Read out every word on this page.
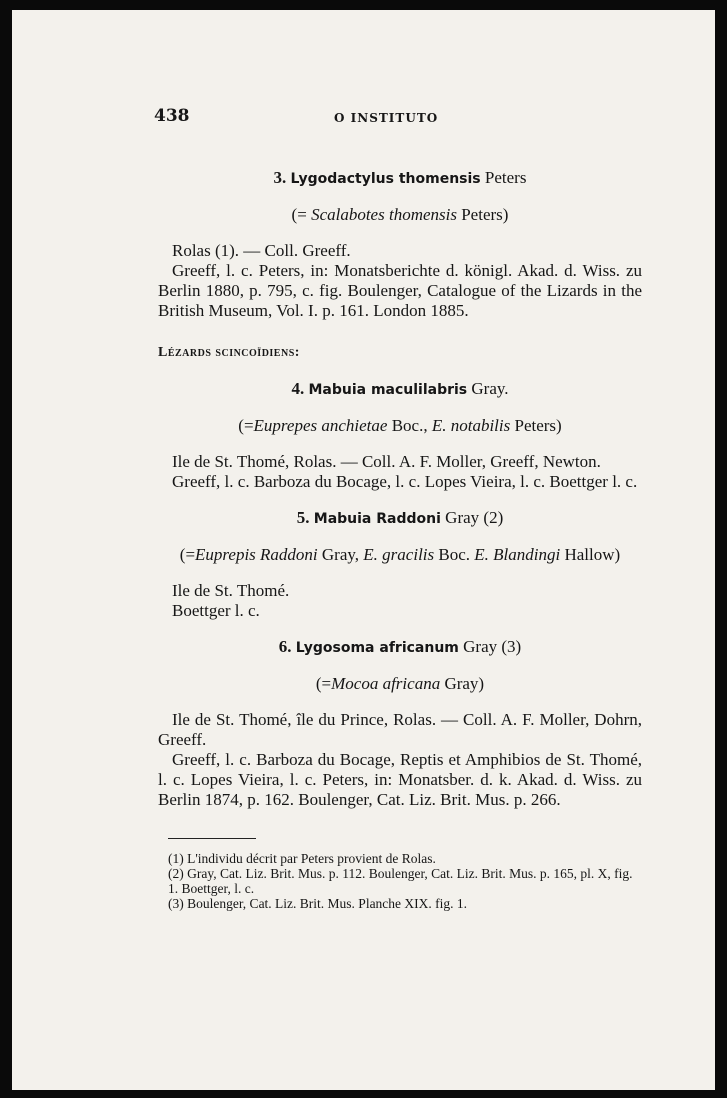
438	O INSTITUTO

3. Lygodactylus thomensis Peters

(= Scalabotes thomensis Peters)

Rolas (1). — Coll. Greeff.

Greeff, l. c. Peters, in: Monatsberichte d. königl. Akad. d. Wiss. zu Berlin 1880, p. 795, c. fig. Boulenger, Catalogue of the Lizards in the British Museum, Vol. I. p. 161. London 1885.

Lézards scincoïdiens:

4. Mabuia maculilabris Gray.

(=Euprepes anchietae Boc., E. notabilis Peters)

Ile de St. Thomé, Rolas. — Coll. A. F. Moller, Greeff, Newton.

Greeff, l. c. Barboza du Bocage, l. c. Lopes Vieira, l. c. Boettger l. c.

5. Mabuia Raddoni Gray (2)

(=Euprepis Raddoni Gray, E. gracilis Boc. E. Blandingi Hallow)

Ile de St. Thomé.

Boettger l. c.

6. Lygosoma africanum Gray (3)

(=Mocoa africana Gray)

Ile de St. Thomé, île du Prince, Rolas. — Coll. A. F. Moller, Dohrn, Greeff.

Greeff, l. c. Barboza du Bocage, Reptis et Amphibios de St. Thomé, l. c. Lopes Vieira, l. c. Peters, in: Monatsber. d. k. Akad. d. Wiss. zu Berlin 1874, p. 162. Boulenger, Cat. Liz. Brit. Mus. p. 266.

(1) L'individu décrit par Peters provient de Rolas.

(2) Gray, Cat. Liz. Brit. Mus. p. 112. Boulenger, Cat. Liz. Brit. Mus. p. 165, pl. X, fig. 1. Boettger, l. c.

(3) Boulenger, Cat. Liz. Brit. Mus. Planche XIX. fig. 1.
